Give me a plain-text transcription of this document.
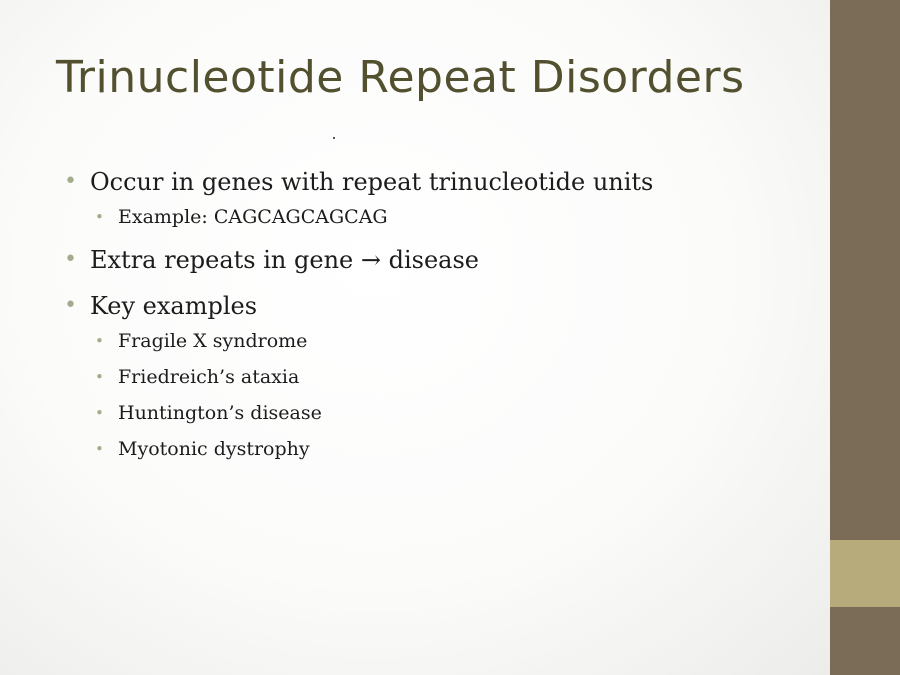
Trinucleotide Repeat Disorders
• Occur in genes with repeat trinucleotide units
• Example: CAGCAGCAGCAG
• Extra repeats in gene → disease
• Key examples
• Fragile X syndrome
• Friedreich’s ataxia
• Huntington’s disease
• Myotonic dystrophy
